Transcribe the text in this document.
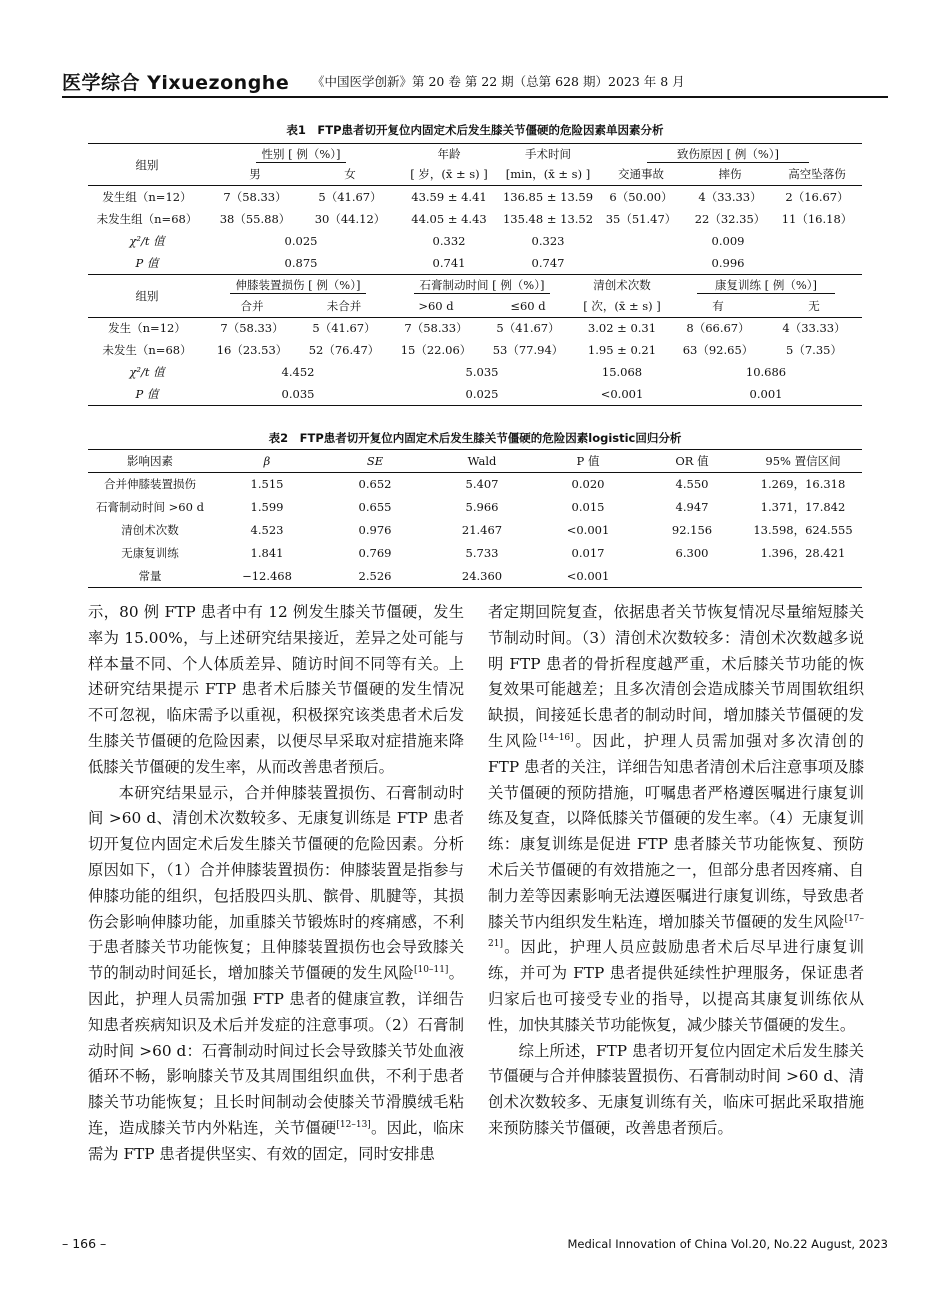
医学综合 Yixuezonghe 《中国医学创新》第 20 卷 第 22 期（总第 628 期）2023 年 8 月
表1　FTP患者切开复位内固定术后发生膝关节僵硬的危险因素单因素分析
组别	性别 [ 例（%）]		年龄	手术时间	致伤原因 [ 例（%）]		
	男	女	[ 岁，(x̄ ± s) ]	[min，(x̄ ± s) ]	交通事故	摔伤	高空坠落伤
发生组（n=12）	7（58.33）	5（41.67）	43.59 ± 4.41	136.85 ± 13.59	6（50.00）	4（33.33）	2（16.67）
未发生组（n=68）	38（55.88）	30（44.12）	44.05 ± 4.43	135.48 ± 13.52	35（51.47）	22（32.35）	11（16.18）
χ²/t 值	0.025		0.332	0.323	0.009		
P 值	0.875		0.741	0.747	0.996		
组别	伸膝装置损伤 [ 例（%）]		石膏制动时间 [ 例（%）]		清创术次数	康复训练 [ 例（%）]	
	合并	未合并	>60 d	≤60 d	[ 次，(x̄ ± s) ]	有	无
发生（n=12）	7（58.33）	5（41.67）	7（58.33）	5（41.67）	3.02 ± 0.31	8（66.67）	4（33.33）
未发生（n=68）	16（23.53）	52（76.47）	15（22.06）	53（77.94）	1.95 ± 0.21	63（92.65）	5（7.35）
χ²/t 值	4.452		5.035		15.068	10.686	
P 值	0.035		0.025		<0.001	0.001	
表2　FTP患者切开复位内固定术后发生膝关节僵硬的危险因素logistic回归分析
影响因素	β	SE	Wald	P 值	OR 值	95% 置信区间
合并伸膝装置损伤	1.515	0.652	5.407	0.020	4.550	1.269，16.318
石膏制动时间 >60 d	1.599	0.655	5.966	0.015	4.947	1.371，17.842
清创术次数	4.523	0.976	21.467	<0.001	92.156	13.598，624.555
无康复训练	1.841	0.769	5.733	0.017	6.300	1.396，28.421
常量	−12.468	2.526	24.360	<0.001		

示，80 例 FTP 患者中有 12 例发生膝关节僵硬，发生率为 15.00%，与上述研究结果接近，差异之处可能与样本量不同、个人体质差异、随访时间不同等有关。上述研究结果提示 FTP 患者术后膝关节僵硬的发生情况不可忽视，临床需予以重视，积极探究该类患者术后发生膝关节僵硬的危险因素，以便尽早采取对症措施来降低膝关节僵硬的发生率，从而改善患者预后。

本研究结果显示，合并伸膝装置损伤、石膏制动时间 >60 d、清创术次数较多、无康复训练是 FTP 患者切开复位内固定术后发生膝关节僵硬的危险因素。分析原因如下，（1）合并伸膝装置损伤：伸膝装置是指参与伸膝功能的组织，包括股四头肌、髌骨、肌腱等，其损伤会影响伸膝功能，加重膝关节锻炼时的疼痛感，不利于患者膝关节功能恢复；且伸膝装置损伤也会导致膝关节的制动时间延长，增加膝关节僵硬的发生风险[10–11]。因此，护理人员需加强 FTP 患者的健康宣教，详细告知患者疾病知识及术后并发症的注意事项。（2）石膏制动时间 >60 d：石膏制动时间过长会导致膝关节处血液循环不畅，影响膝关节及其周围组织血供，不利于患者膝关节功能恢复；且长时间制动会使膝关节滑膜绒毛粘连，造成膝关节内外粘连，关节僵硬[12–13]。因此，临床需为 FTP 患者提供坚实、有效的固定，同时安排患

者定期回院复查，依据患者关节恢复情况尽量缩短膝关节制动时间。（3）清创术次数较多：清创术次数越多说明 FTP 患者的骨折程度越严重，术后膝关节功能的恢复效果可能越差；且多次清创会造成膝关节周围软组织缺损，间接延长患者的制动时间，增加膝关节僵硬的发生风险[14–16]。因此，护理人员需加强对多次清创的 FTP 患者的关注，详细告知患者清创术后注意事项及膝关节僵硬的预防措施，叮嘱患者严格遵医嘱进行康复训练及复查，以降低膝关节僵硬的发生率。（4）无康复训练：康复训练是促进 FTP 患者膝关节功能恢复、预防术后关节僵硬的有效措施之一，但部分患者因疼痛、自制力差等因素影响无法遵医嘱进行康复训练，导致患者膝关节内组织发生粘连，增加膝关节僵硬的发生风险[17–21]。因此，护理人员应鼓励患者术后尽早进行康复训练，并可为 FTP 患者提供延续性护理服务，保证患者归家后也可接受专业的指导，以提高其康复训练依从性，加快其膝关节功能恢复，减少膝关节僵硬的发生。

综上所述，FTP 患者切开复位内固定术后发生膝关节僵硬与合并伸膝装置损伤、石膏制动时间 >60 d、清创术次数较多、无康复训练有关，临床可据此采取措施来预防膝关节僵硬，改善患者预后。

– 166 –	Medical Innovation of China Vol.20, No.22 August, 2023
